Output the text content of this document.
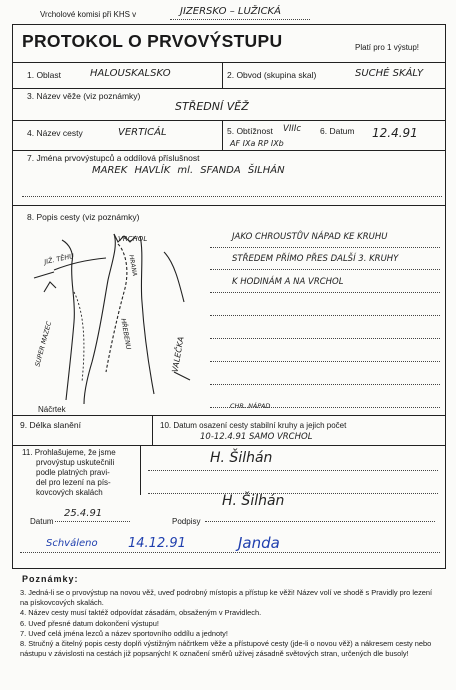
Vrcholové komisi při KHS v	JIZERSKO – LUŽICKÁ
PROTOKOL O PRVOVÝSTUPU	Platí pro 1 výstup!
1. Oblast	HALOUSKALSKO	2. Obvod (skupina skal)	SUCHÉ SKÁLY
3. Název věže (viz poznámky)
STŘEDNÍ VĚŽ
4. Název cesty	VERTICÁL	5. Obtížnost VIIIc
AF IXa RP IXb
6. Datum 12.4.91
7. Jména prvovýstupců a oddílová příslušnost
MAREK HAVLÍK ml. SFANDA ŠILHÁN
8. Popis cesty (viz poznámky)
JIŽ. TĚHU
VRCHOL
HRANA
SUPER MAZEC	HŘEBENU
VALEČKA
CHR. NÁPAD
Náčrtek
JAKO CHROUSTŮV NÁPAD KE KRUHU
STŘEDEM PŘÍMO PŘES DALŠÍ 3. KRUHY
K HODINÁM A NA VRCHOL
9. Délka slanění	10. Datum osazení cesty stabilní kruhy a jejich počet
10-12.4.91 SAMO VRCHOL
11. Prohlašujeme, že jsme
prvovýstup uskutečnili
podle platných pravi-
del pro lezení na pís-
kovcových skalách
H. Šilhán
H. Šilhán
Datum
25.4.91
Podpisy
Schváleno 14.12.91	Janda
Poznámky:
3. Jedná-li se o prvovýstup na novou věž, uveď podrobný místopis a přístup ke věži! Název volí ve shodě s Pravidly pro lezení na pískovcových skalách.
4. Název cesty musí taktéž odpovídat zásadám, obsaženým v Pravidlech.
6. Uveď přesné datum dokončení výstupu!
7. Uveď celá jména lezců a název sportovního oddílu a jednoty!
8. Stručný a čitelný popis cesty doplň výstižným náčrtkem věže a přístupové cesty (jde-li o novou věž) a nákresem cesty nebo nástupu v závislosti na cestách již popsaných! K označení směrů užívej zásadně světových stran, určených dle busoly!
